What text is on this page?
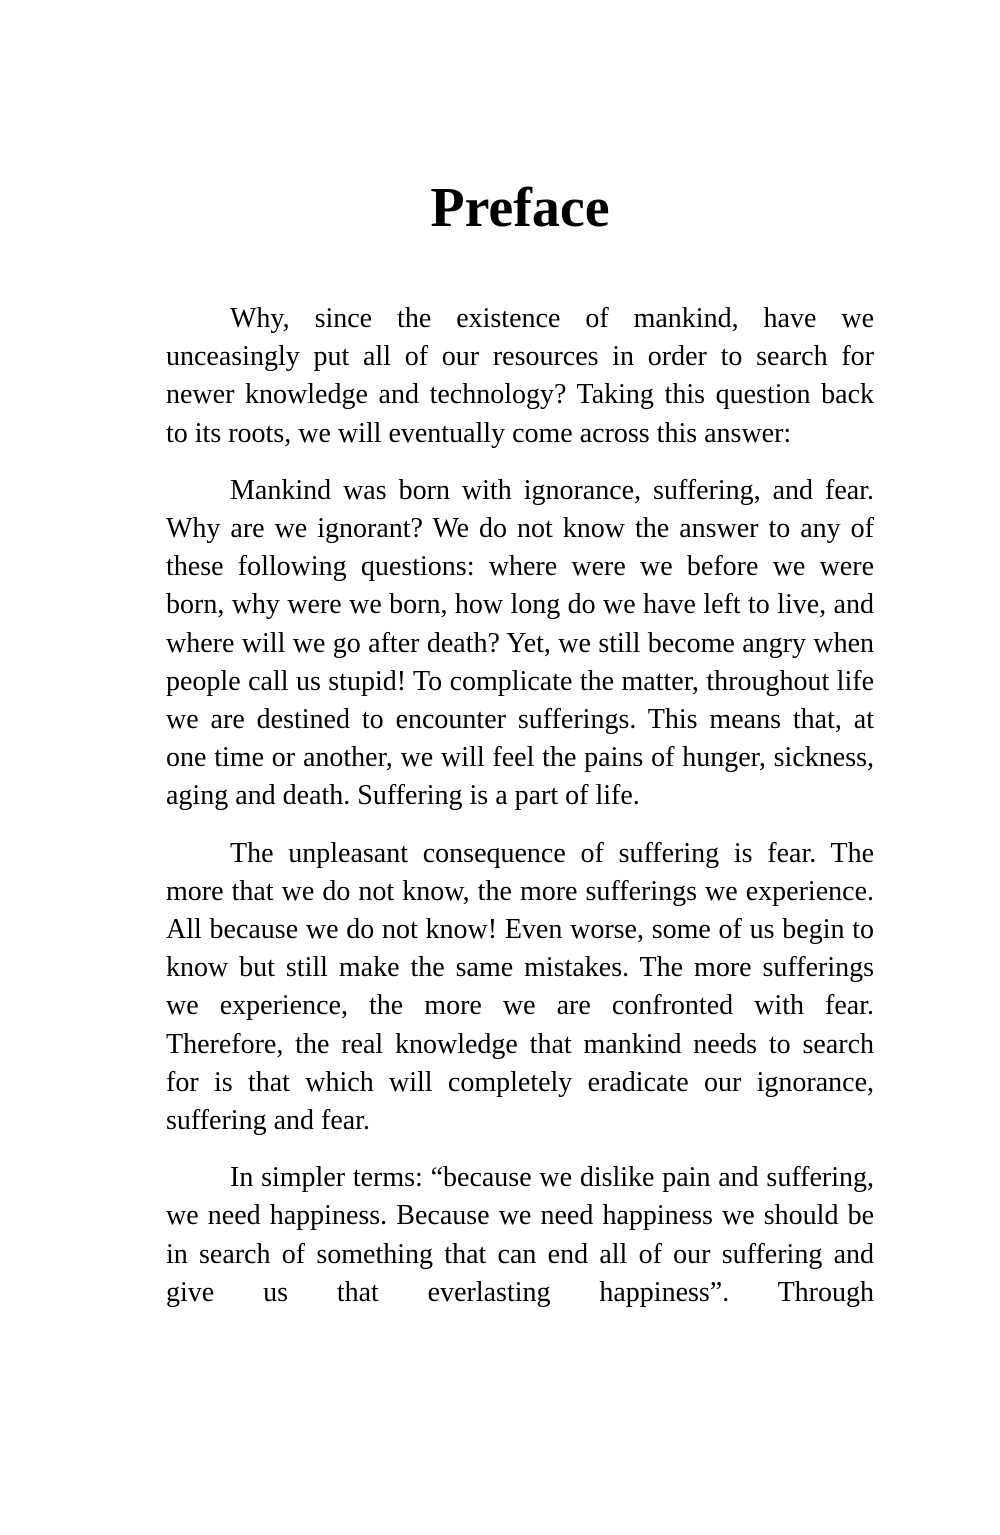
Preface

Why, since the existence of mankind, have we unceasingly put all of our resources in order to search for newer knowledge and technology? Taking this question back to its roots, we will eventually come across this answer:

Mankind was born with ignorance, suffering, and fear. Why are we ignorant? We do not know the answer to any of these following questions: where were we before we were born, why were we born, how long do we have left to live, and where will we go after death? Yet, we still become angry when people call us stupid! To complicate the matter, throughout life we are destined to encounter sufferings. This means that, at one time or another, we will feel the pains of hunger, sickness, aging and death. Suffering is a part of life.

The unpleasant consequence of suffering is fear. The more that we do not know, the more sufferings we experience. All because we do not know! Even worse, some of us begin to know but still make the same mistakes. The more sufferings we experience, the more we are confronted with fear. Therefore, the real knowledge that mankind needs to search for is that which will completely eradicate our ignorance, suffering and fear.

In simpler terms: “because we dislike pain and suffering, we need happiness. Because we need happiness we should be in search of something that can end all of our suffering and give us that everlasting happiness”. Through
